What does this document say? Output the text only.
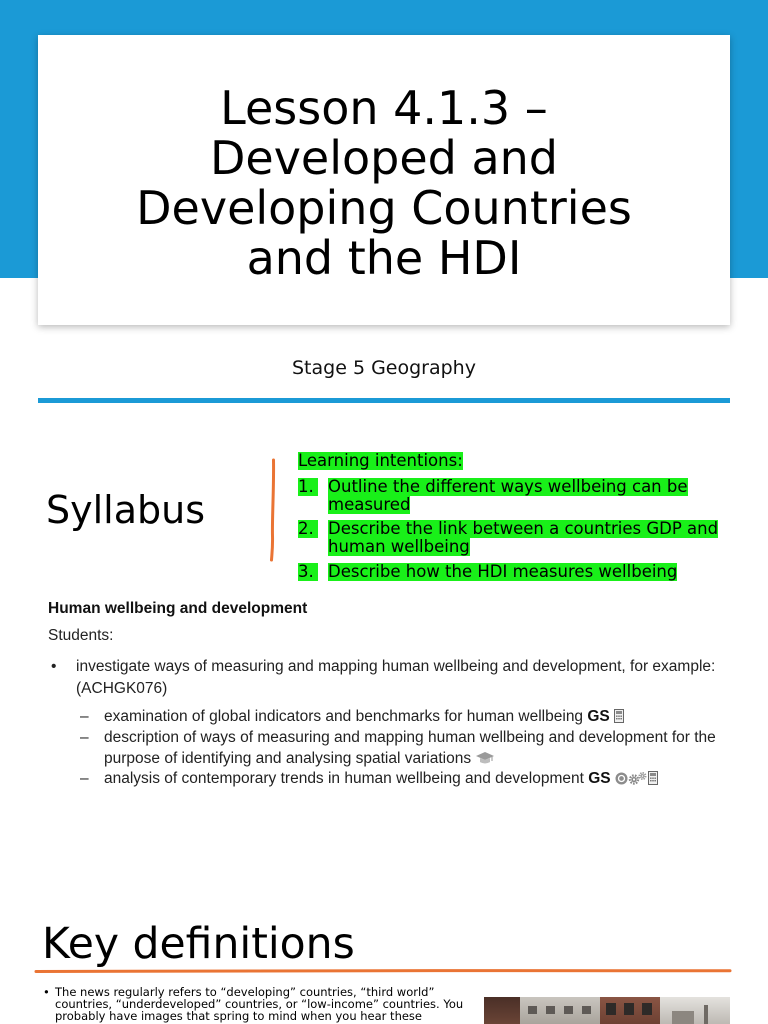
Lesson 4.1.3 –
Developed and
Developing Countries
and the HDI
Stage 5 Geography
Syllabus
Learning intentions:
1. Outline the different ways wellbeing can be
measured
2. Describe the link between a countries GDP and
human wellbeing
3. Describe how the HDI measures wellbeing
Human wellbeing and development
Students:
• investigate ways of measuring and mapping human wellbeing and development, for example:
(ACHGK076)
– examination of global indicators and benchmarks for human wellbeing GS
– description of ways of measuring and mapping human wellbeing and development for the
purpose of identifying and analysing spatial variations
– analysis of contemporary trends in human wellbeing and development GS
Key definitions
• The news regularly refers to “developing” countries, “third world”
countries, “underdeveloped” countries, or “low-income” countries. You
probably have images that spring to mind when you hear these
